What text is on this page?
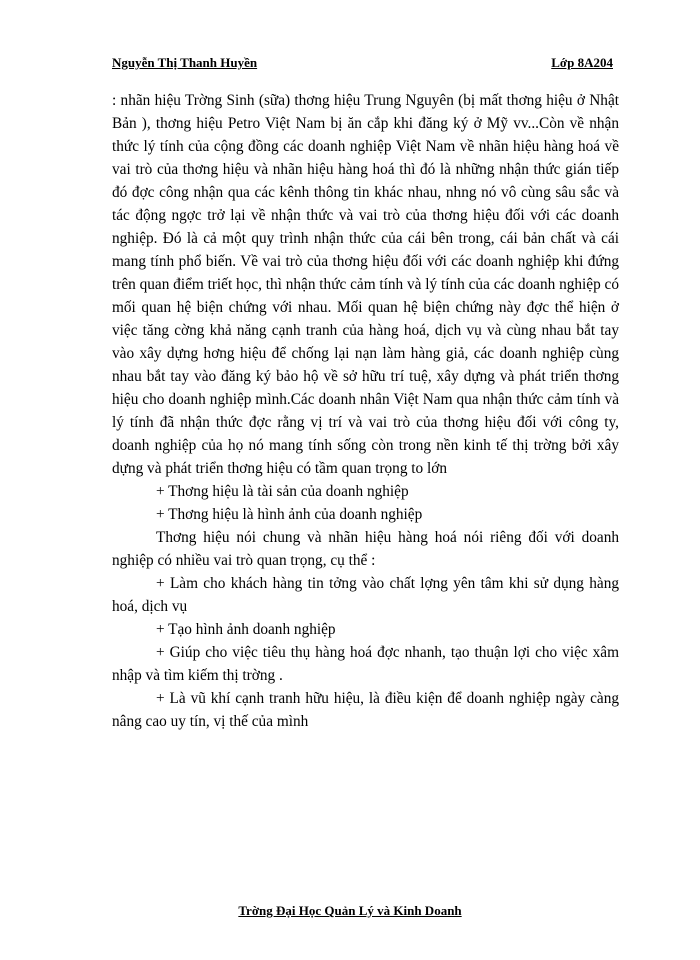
Nguyễn Thị Thanh Huyền	Lớp 8A204

: nhãn hiệu Trờng Sinh (sữa) thơng hiệu Trung Nguyên (bị mất thơng hiệu ở Nhật Bản ), thơng hiệu Petro Việt Nam bị ăn cắp khi đăng ký ở Mỹ vv...Còn về nhận thức lý tính của cộng đồng các doanh nghiệp Việt Nam về nhãn hiệu hàng hoá về vai trò của thơng hiệu và nhãn hiệu hàng hoá thì đó là những nhận thức gián tiếp đó đợc công nhận qua các kênh thông tin khác nhau, nhng nó vô cùng sâu sắc và tác động ngợc trở lại về nhận thức và vai trò của thơng hiệu đối với các doanh nghiệp. Đó là cả một quy trình nhận thức của cái bên trong, cái bản chất và cái mang tính phổ biến. Về vai trò của thơng hiệu đối với các doanh nghiệp khi đứng trên quan điểm triết học, thì nhận thức cảm tính và lý tính của các doanh nghiệp có mối quan hệ biện chứng với nhau. Mối quan hệ biện chứng này đợc thể hiện ở việc tăng cờng khả năng cạnh tranh của hàng hoá, dịch vụ và cùng nhau bắt tay vào xây dựng hơng hiệu để chống lại nạn làm hàng giả, các doanh nghiệp cùng nhau bắt tay vào đăng ký bảo hộ về sở hữu trí tuệ, xây dựng và phát triển thơng hiệu cho doanh nghiệp mình.Các doanh nhân Việt Nam qua nhận thức cảm tính và lý tính đã nhận thức đợc rằng vị trí và vai trò của thơng hiệu đối với công ty, doanh nghiệp của họ nó mang tính sống còn trong nền kinh tế thị trờng bởi xây dựng và phát triển thơng hiệu có tầm quan trọng to lớn

+ Thơng hiệu là tài sản của doanh nghiệp

+ Thơng hiệu là hình ảnh của doanh nghiệp

Thơng hiệu nói chung và nhãn hiệu hàng hoá nói riêng đối với doanh nghiệp có nhiều vai trò quan trọng, cụ thể :

+ Làm cho khách hàng tin tởng vào chất lợng yên tâm khi sử dụng hàng hoá, dịch vụ

+ Tạo hình ảnh doanh nghiệp

+ Giúp cho việc tiêu thụ hàng hoá đợc nhanh, tạo thuận lợi cho việc xâm nhập và tìm kiếm thị trờng .

+ Là vũ khí cạnh tranh hữu hiệu, là điều kiện để doanh nghiệp ngày càng nâng cao uy tín, vị thế của mình

Trờng Đại Học Quản Lý và Kinh Doanh
